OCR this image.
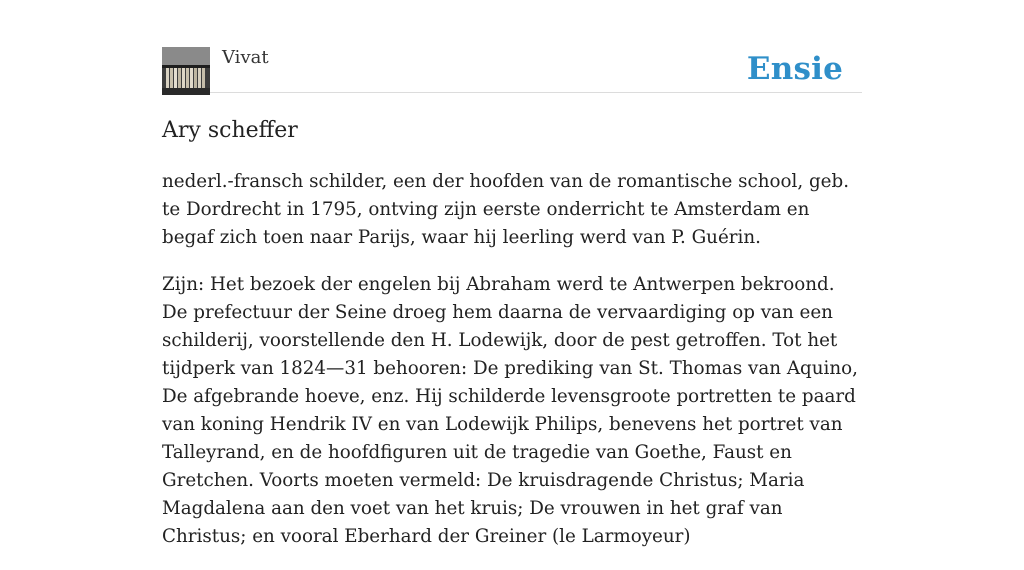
Vivat	Ensie
Ary scheffer

nederl.-fransch schilder, een der hoofden van de romantische school, geb. te Dordrecht in 1795, ontving zijn eerste onderricht te Amsterdam en begaf zich toen naar Parijs, waar hij leerling werd van P. Guérin.

Zijn: Het bezoek der engelen bij Abraham werd te Antwerpen bekroond. De prefectuur der Seine droeg hem daarna de vervaardiging op van een schilderij, voorstellende den H. Lodewijk, door de pest getroffen. Tot het tijdperk van 1824—31 behooren: De prediking van St. Thomas van Aquino, De afgebrande hoeve, enz. Hij schilderde levensgroote portretten te paard van koning Hendrik IV en van Lodewijk Philips, benevens het portret van Talleyrand, en de hoofdfiguren uit de tragedie van Goethe, Faust en Gretchen. Voorts moeten vermeld: De kruisdragende Christus; Maria Magdalena aan den voet van het kruis; De vrouwen in het graf van Christus; en vooral Eberhard der Greiner (le Larmoyeur)
